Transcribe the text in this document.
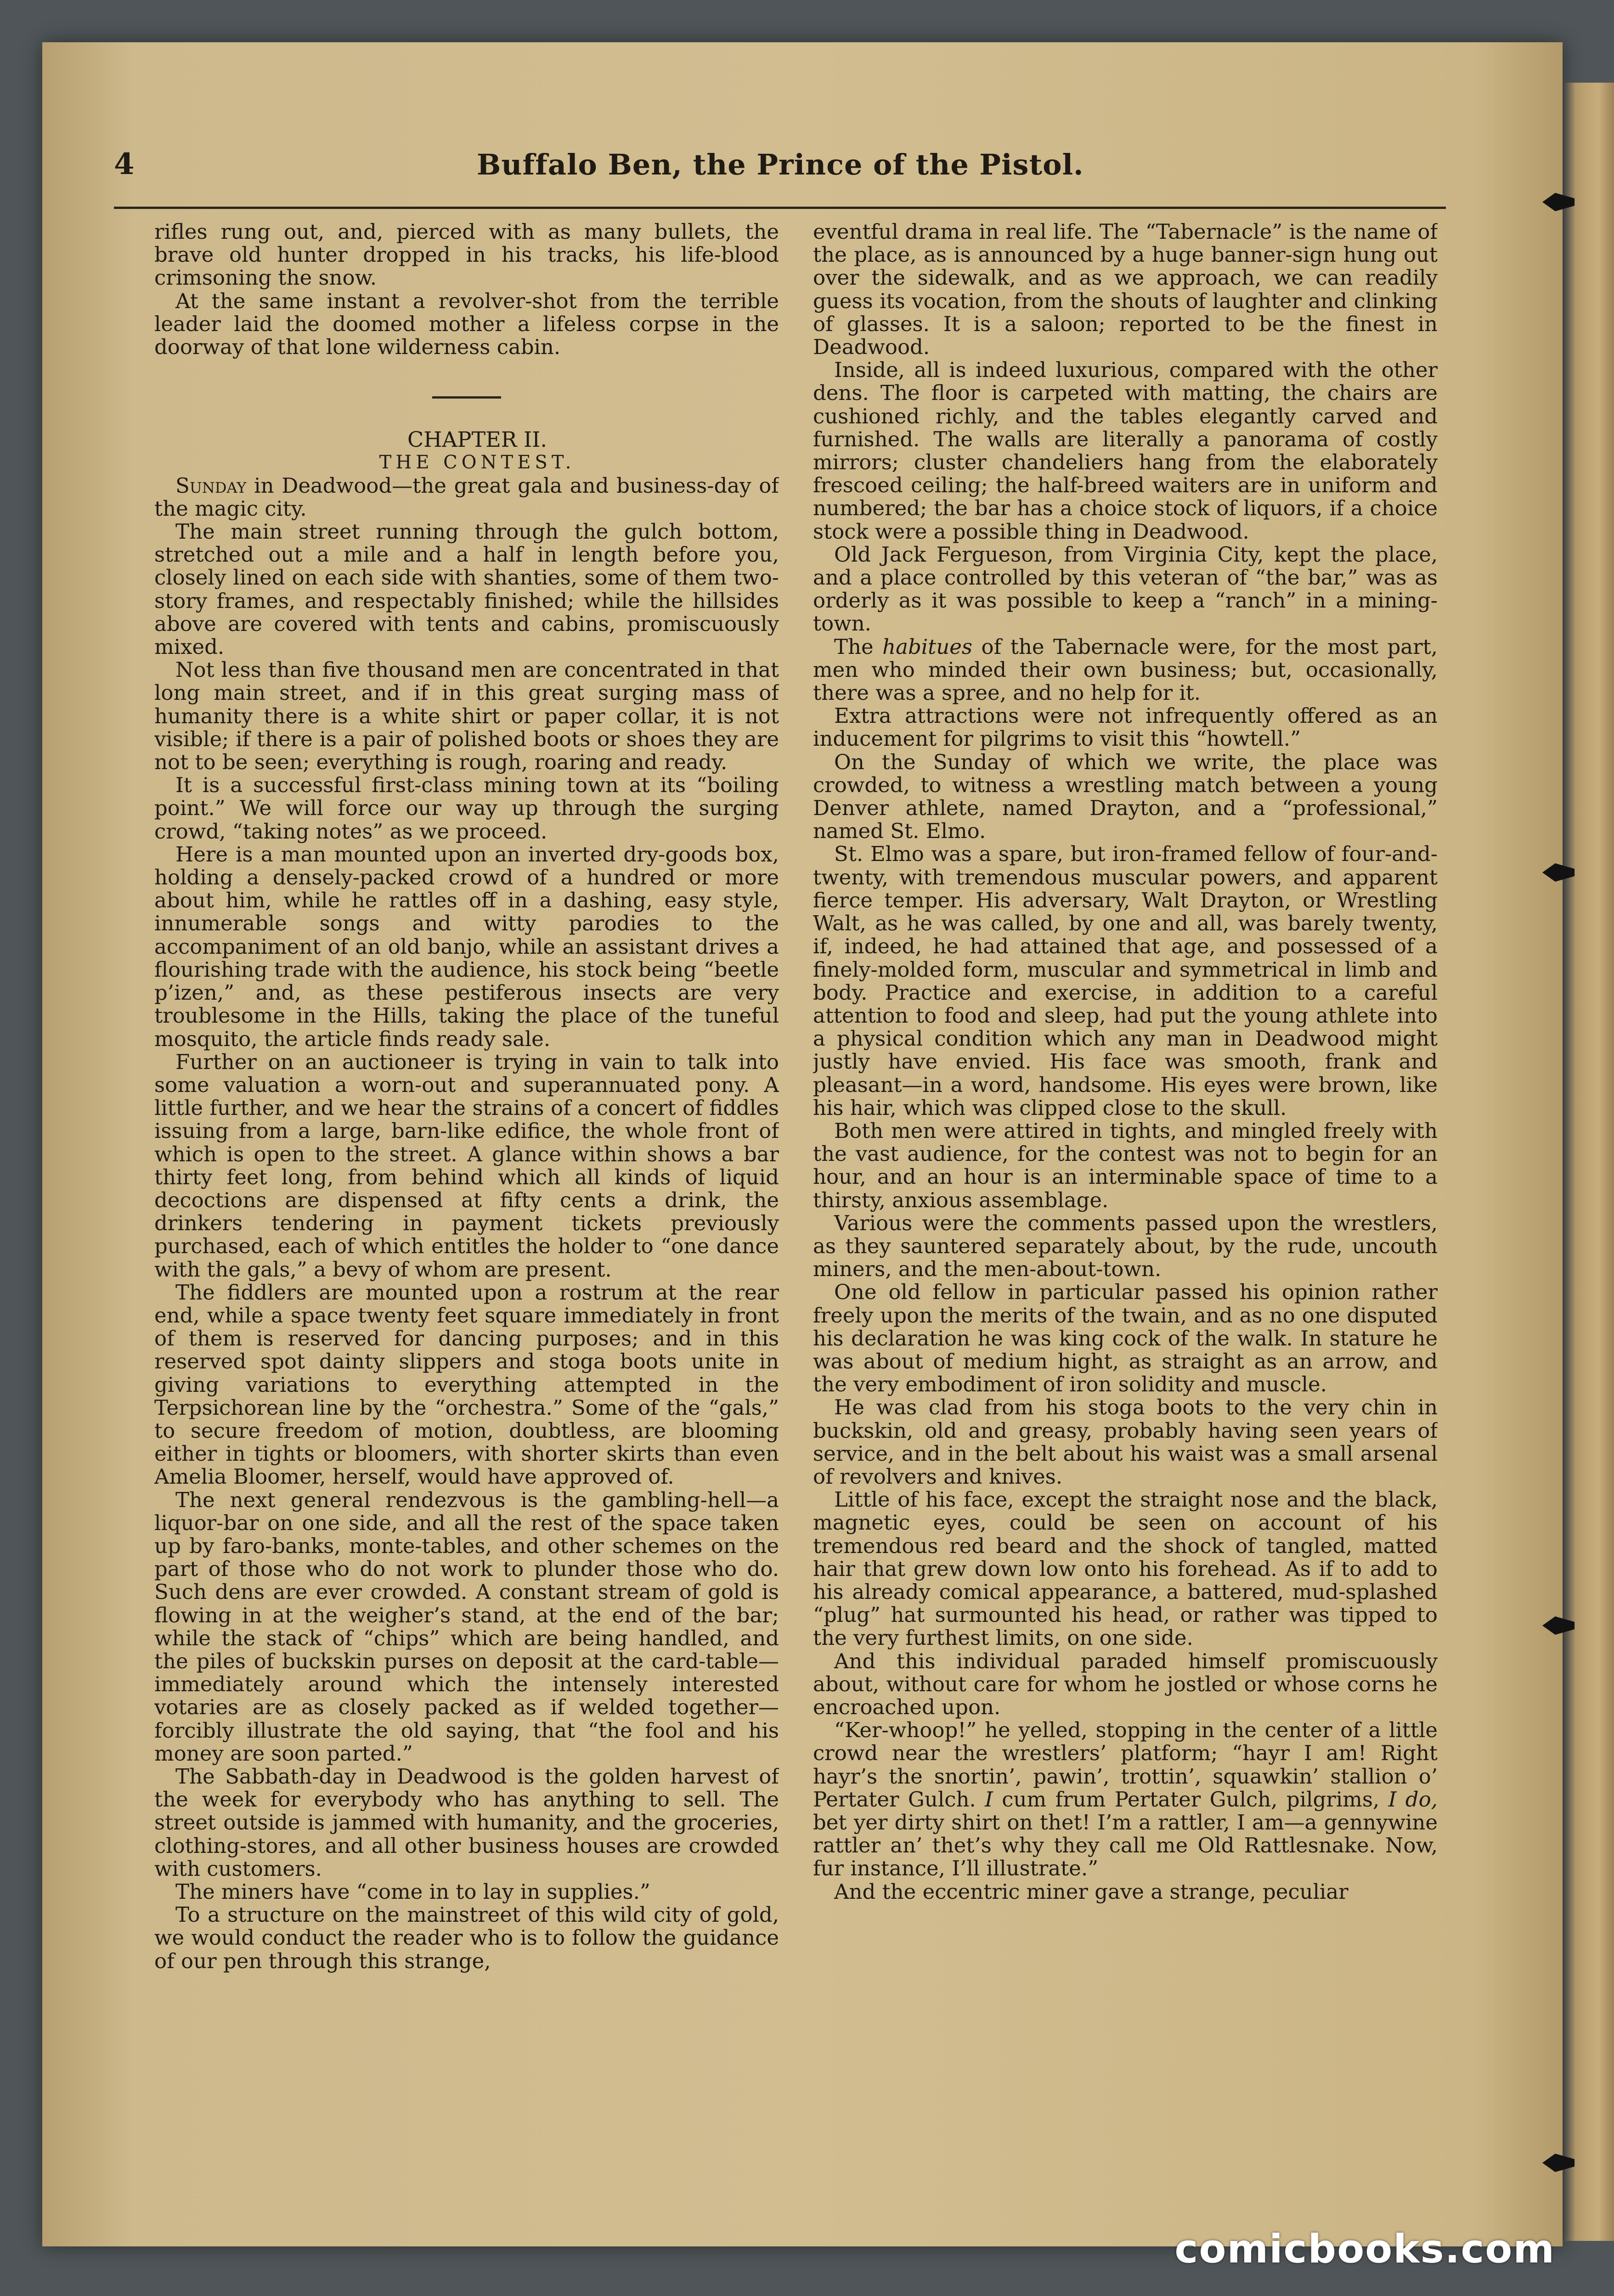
4	Buffalo Ben, the Prince of the Pistol.

rifles rung out, and, pierced with as many bullets, the brave old hunter dropped in his tracks, his life-blood crimsoning the snow.

At the same instant a revolver-shot from the terrible leader laid the doomed mother a lifeless corpse in the doorway of that lone wilderness cabin.

CHAPTER II.

THE CONTEST.

Sunday in Deadwood—the great gala and business-day of the magic city.

The main street running through the gulch bottom, stretched out a mile and a half in length before you, closely lined on each side with shanties, some of them two-story frames, and respectably finished; while the hillsides above are covered with tents and cabins, promiscuously mixed.

Not less than five thousand men are concentrated in that long main street, and if in this great surging mass of humanity there is a white shirt or paper collar, it is not visible; if there is a pair of polished boots or shoes they are not to be seen; everything is rough, roaring and ready.

It is a successful first-class mining town at its “boiling point.” We will force our way up through the surging crowd, “taking notes” as we proceed.

Here is a man mounted upon an inverted dry-goods box, holding a densely-packed crowd of a hundred or more about him, while he rattles off in a dashing, easy style, innumerable songs and witty parodies to the accompaniment of an old banjo, while an assistant drives a flourishing trade with the audience, his stock being “beetle p’izen,” and, as these pestiferous insects are very troublesome in the Hills, taking the place of the tuneful mosquito, the article finds ready sale.

Further on an auctioneer is trying in vain to talk into some valuation a worn-out and superannuated pony. A little further, and we hear the strains of a concert of fiddles issuing from a large, barn-like edifice, the whole front of which is open to the street. A glance within shows a bar thirty feet long, from behind which all kinds of liquid decoctions are dispensed at fifty cents a drink, the drinkers tendering in payment tickets previously purchased, each of which entitles the holder to “one dance with the gals,” a bevy of whom are present.

The fiddlers are mounted upon a rostrum at the rear end, while a space twenty feet square immediately in front of them is reserved for dancing purposes; and in this reserved spot dainty slippers and stoga boots unite in giving variations to everything attempted in the Terpsichorean line by the “orchestra.” Some of the “gals,” to secure freedom of motion, doubtless, are blooming either in tights or bloomers, with shorter skirts than even Amelia Bloomer, herself, would have approved of.

The next general rendezvous is the gambling-hell—a liquor-bar on one side, and all the rest of the space taken up by faro-banks, monte-tables, and other schemes on the part of those who do not work to plunder those who do. Such dens are ever crowded. A constant stream of gold is flowing in at the weigher’s stand, at the end of the bar; while the stack of “chips” which are being handled, and the piles of buckskin purses on deposit at the card-table—immediately around which the intensely interested votaries are as closely packed as if welded together—forcibly illustrate the old saying, that “the fool and his money are soon parted.”

The Sabbath-day in Deadwood is the golden harvest of the week for everybody who has anything to sell. The street outside is jammed with humanity, and the groceries, clothing-stores, and all other business houses are crowded with customers.

The miners have “come in to lay in supplies.”

To a structure on the mainstreet of this wild city of gold, we would conduct the reader who is to follow the guidance of our pen through this strange,

eventful drama in real life. The “Tabernacle” is the name of the place, as is announced by a huge banner-sign hung out over the sidewalk, and as we approach, we can readily guess its vocation, from the shouts of laughter and clinking of glasses. It is a saloon; reported to be the finest in Deadwood.

Inside, all is indeed luxurious, compared with the other dens. The floor is carpeted with matting, the chairs are cushioned richly, and the tables elegantly carved and furnished. The walls are literally a panorama of costly mirrors; cluster chandeliers hang from the elaborately frescoed ceiling; the half-breed waiters are in uniform and numbered; the bar has a choice stock of liquors, if a choice stock were a possible thing in Deadwood.

Old Jack Fergueson, from Virginia City, kept the place, and a place controlled by this veteran of “the bar,” was as orderly as it was possible to keep a “ranch” in a mining-town.

The habitues of the Tabernacle were, for the most part, men who minded their own business; but, occasionally, there was a spree, and no help for it.

Extra attractions were not infrequently offered as an inducement for pilgrims to visit this “howtell.”

On the Sunday of which we write, the place was crowded, to witness a wrestling match between a young Denver athlete, named Drayton, and a “professional,” named St. Elmo.

St. Elmo was a spare, but iron-framed fellow of four-and-twenty, with tremendous muscular powers, and apparent fierce temper. His adversary, Walt Drayton, or Wrestling Walt, as he was called, by one and all, was barely twenty, if, indeed, he had attained that age, and possessed of a finely-molded form, muscular and symmetrical in limb and body. Practice and exercise, in addition to a careful attention to food and sleep, had put the young athlete into a physical condition which any man in Deadwood might justly have envied. His face was smooth, frank and pleasant—in a word, handsome. His eyes were brown, like his hair, which was clipped close to the skull.

Both men were attired in tights, and mingled freely with the vast audience, for the contest was not to begin for an hour, and an hour is an interminable space of time to a thirsty, anxious assemblage.

Various were the comments passed upon the wrestlers, as they sauntered separately about, by the rude, uncouth miners, and the men-about-town.

One old fellow in particular passed his opinion rather freely upon the merits of the twain, and as no one disputed his declaration he was king cock of the walk. In stature he was about of medium hight, as straight as an arrow, and the very embodiment of iron solidity and muscle.

He was clad from his stoga boots to the very chin in buckskin, old and greasy, probably having seen years of service, and in the belt about his waist was a small arsenal of revolvers and knives.

Little of his face, except the straight nose and the black, magnetic eyes, could be seen on account of his tremendous red beard and the shock of tangled, matted hair that grew down low onto his forehead. As if to add to his already comical appearance, a battered, mud-splashed “plug” hat surmounted his head, or rather was tipped to the very furthest limits, on one side.

And this individual paraded himself promiscuously about, without care for whom he jostled or whose corns he encroached upon.

“Ker-whoop!” he yelled, stopping in the center of a little crowd near the wrestlers’ platform; “hayr I am! Right hayr’s the snortin’, pawin’, trottin’, squawkin’ stallion o’ Pertater Gulch. I cum frum Pertater Gulch, pilgrims, I do, bet yer dirty shirt on thet! I’m a rattler, I am—a gennywine rattler an’ thet’s why they call me Old Rattlesnake. Now, fur instance, I’ll illustrate.”

And the eccentric miner gave a strange, peculiar

comicbooks.com
